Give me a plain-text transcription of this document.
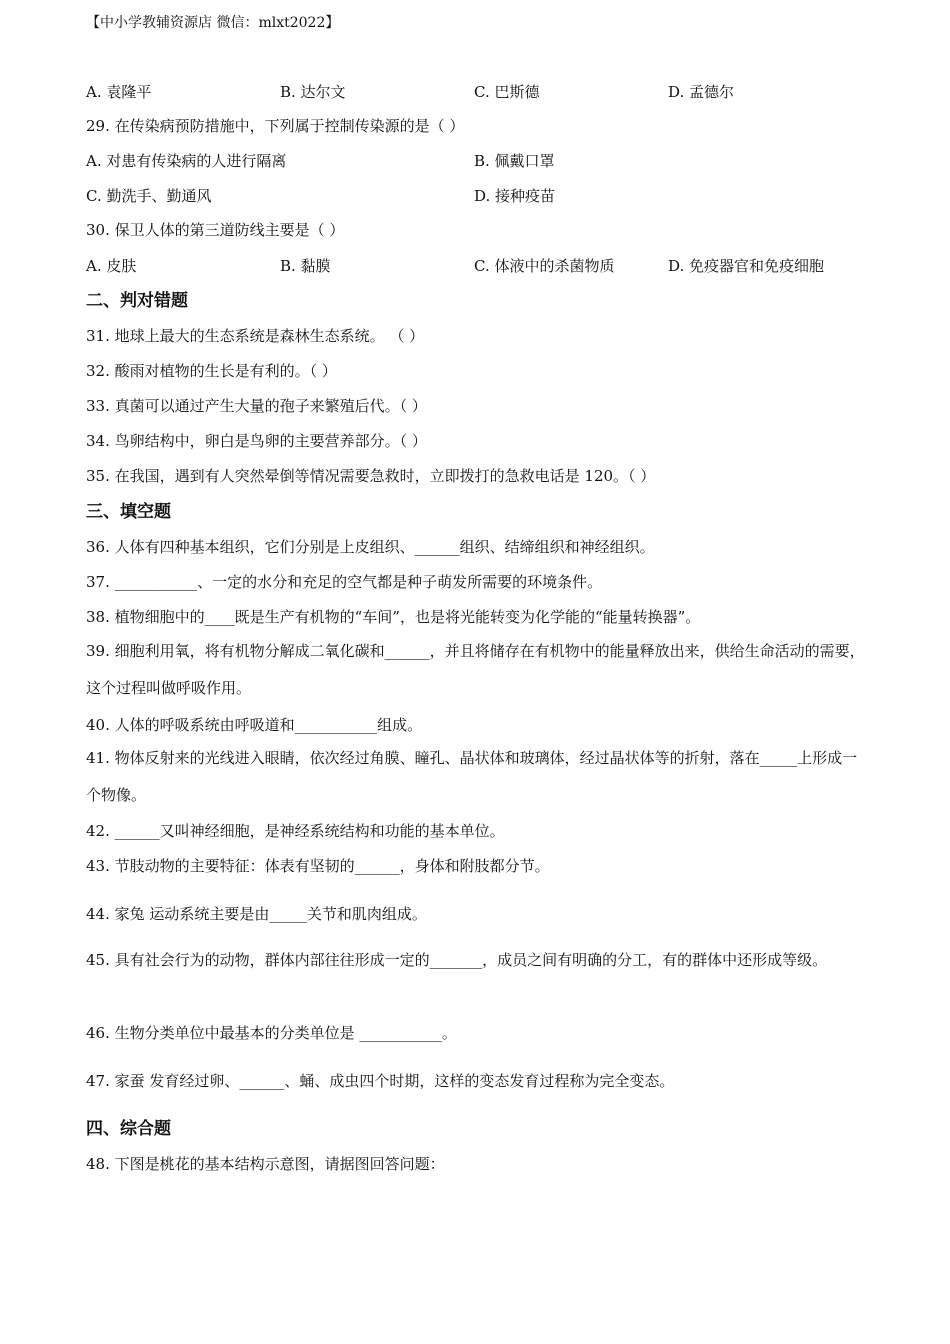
【中小学教辅资源店 微信：mlxt2022】
A. 袁隆平	B. 达尔文	C. 巴斯德	D. 孟德尔
29. 在传染病预防措施中，下列属于控制传染源的是（ ）
A. 对患有传染病的人进行隔离	B. 佩戴口罩
C. 勤洗手、勤通风	D. 接种疫苗
30. 保卫人体的第三道防线主要是（ ）
A. 皮肤	B. 黏膜	C. 体液中的杀菌物质	D. 免疫器官和免疫细胞
二、判对错题
31. 地球上最大的生态系统是森林生态系统。 （ ）
32. 酸雨对植物的生长是有利的。（ ）
33. 真菌可以通过产生大量的孢子来繁殖后代。（ ）
34. 鸟卵结构中，卵白是鸟卵的主要营养部分。（ ）
35. 在我国，遇到有人突然晕倒等情况需要急救时，立即拨打的急救电话是 120。（ ）
三、填空题
36. 人体有四种基本组织，它们分别是上皮组织、______组织、结缔组织和神经组织。
37. ___________、一定的水分和充足的空气都是种子萌发所需要的环境条件。
38. 植物细胞中的____既是生产有机物的“车间”，也是将光能转变为化学能的“能量转换器”。
39. 细胞利用氧，将有机物分解成二氧化碳和______，并且将储存在有机物中的能量释放出来，供给生命活动的需要，这个过程叫做呼吸作用。
40. 人体的呼吸系统由呼吸道和___________组成。
41. 物体反射来的光线进入眼睛，依次经过角膜、瞳孔、晶状体和玻璃体，经过晶状体等的折射，落在_____上形成一个物像。
42. ______又叫神经细胞，是神经系统结构和功能的基本单位。
43. 节肢动物的主要特征：体表有坚韧的______，身体和附肢都分节。
44. 家兔 运动系统主要是由_____关节和肌肉组成。
45. 具有社会行为的动物，群体内部往往形成一定的_______，成员之间有明确的分工，有的群体中还形成等级。
46. 生物分类单位中最基本的分类单位是 ___________。
47. 家蚕 发育经过卵、______、蛹、成虫四个时期，这样的变态发育过程称为完全变态。
四、综合题
48. 下图是桃花的基本结构示意图，请据图回答问题：
